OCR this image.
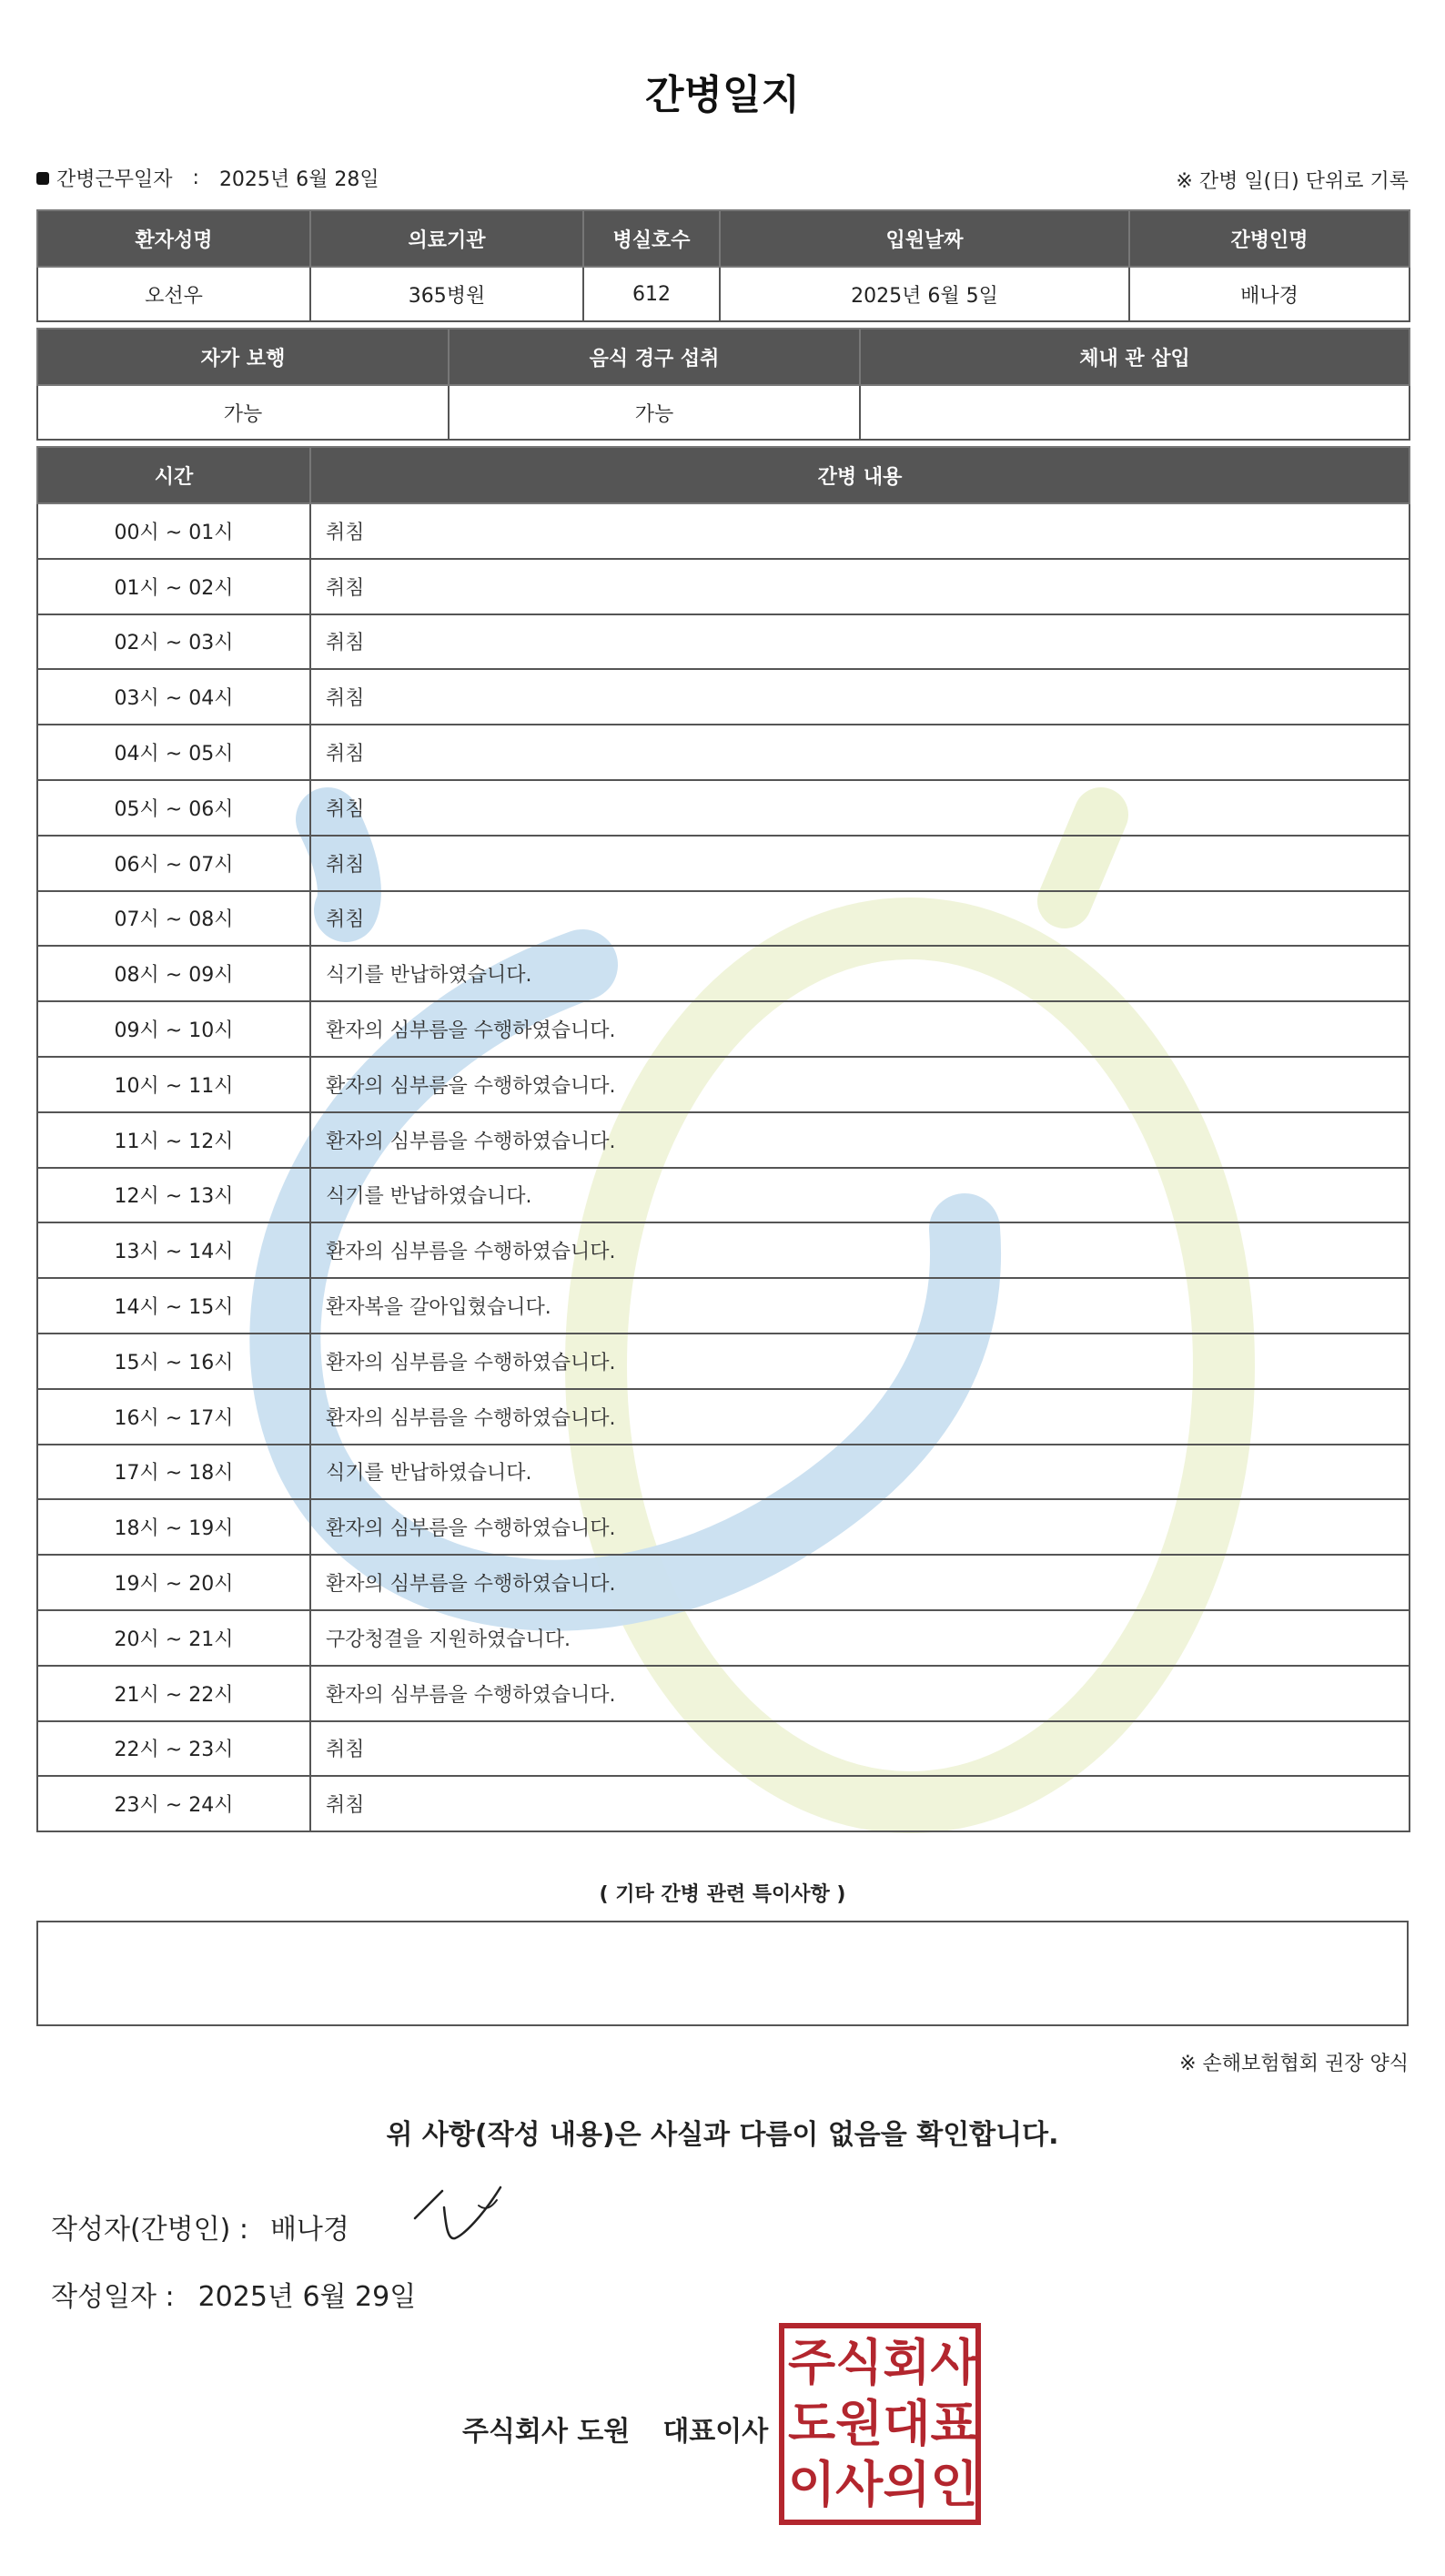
간병일지
간병근무일자 : 2025년 6월 28일	※ 간병 일(日) 단위로 기록
환자성명	의료기관	병실호수	입원날짜	간병인명
오선우	365병원	612	2025년 6월 5일	배나경
자가 보행	음식 경구 섭취	체내 관 삽입
가능	가능	
시간	간병 내용
00시 ~ 01시	취침
01시 ~ 02시	취침
02시 ~ 03시	취침
03시 ~ 04시	취침
04시 ~ 05시	취침
05시 ~ 06시	취침
06시 ~ 07시	취침
07시 ~ 08시	취침
08시 ~ 09시	식기를 반납하였습니다.
09시 ~ 10시	환자의 심부름을 수행하였습니다.
10시 ~ 11시	환자의 심부름을 수행하였습니다.
11시 ~ 12시	환자의 심부름을 수행하였습니다.
12시 ~ 13시	식기를 반납하였습니다.
13시 ~ 14시	환자의 심부름을 수행하였습니다.
14시 ~ 15시	환자복을 갈아입혔습니다.
15시 ~ 16시	환자의 심부름을 수행하였습니다.
16시 ~ 17시	환자의 심부름을 수행하였습니다.
17시 ~ 18시	식기를 반납하였습니다.
18시 ~ 19시	환자의 심부름을 수행하였습니다.
19시 ~ 20시	환자의 심부름을 수행하였습니다.
20시 ~ 21시	구강청결을 지원하였습니다.
21시 ~ 22시	환자의 심부름을 수행하였습니다.
22시 ~ 23시	취침
23시 ~ 24시	취침
( 기타 간병 관련 특이사항 )
※ 손해보험협회 권장 양식
위 사항(작성 내용)은 사실과 다름이 없음을 확인합니다.
작성자(간병인) : 배나경
작성일자 : 2025년 6월 29일
주식회사 도원 대표이사
주 식 회 사
도 원 대 표
이 사 의 인
